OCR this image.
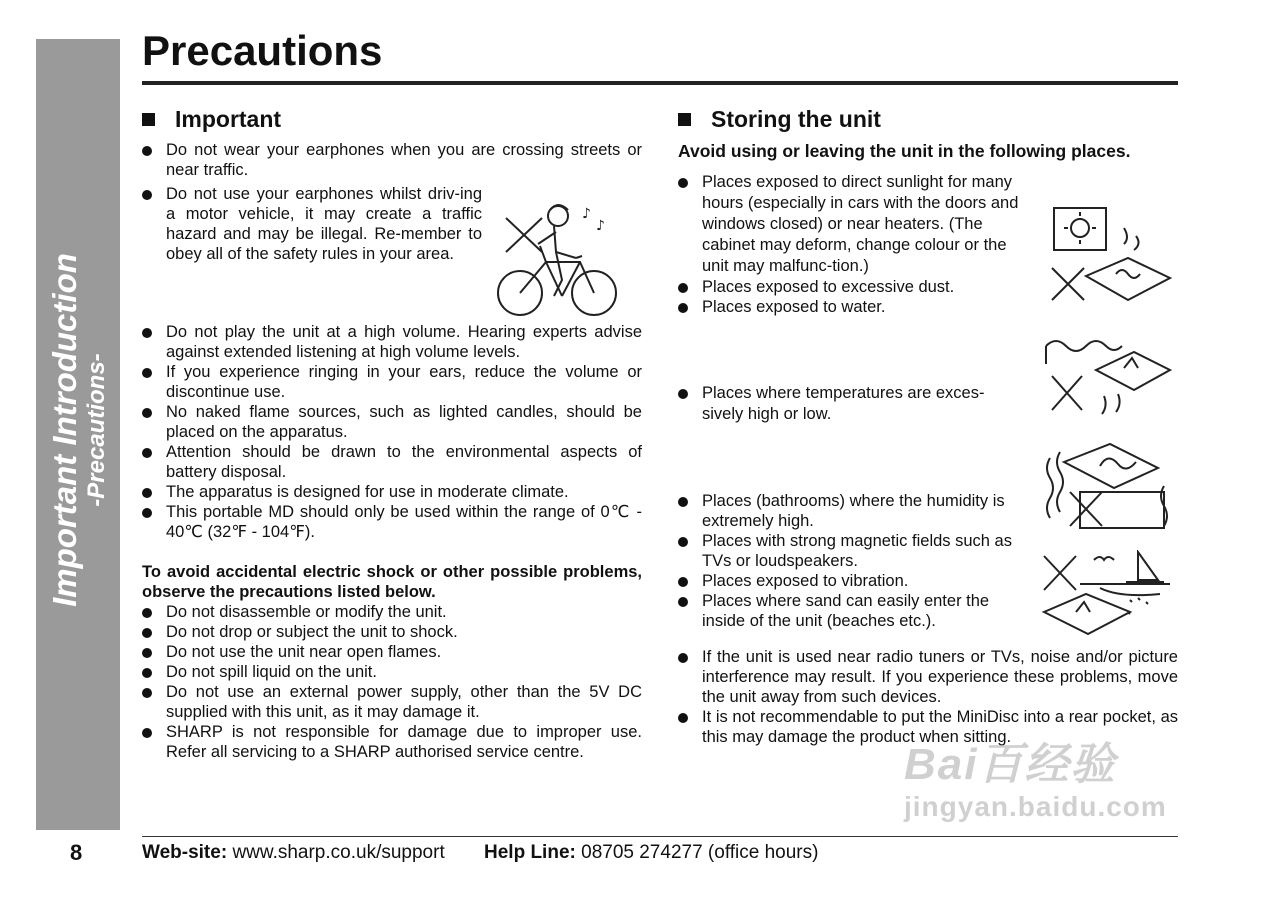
Important Introduction -Precautions-
Precautions
Important
Do not wear your earphones when you are crossing streets or near traffic.
Do not use your earphones whilst driv-ing a motor vehicle, it may create a traffic hazard and may be illegal. Re-member to obey all of the safety rules in your area.
Do not play the unit at a high volume. Hearing experts advise against extended listening at high volume levels.
If you experience ringing in your ears, reduce the volume or discontinue use.
No naked flame sources, such as lighted candles, should be placed on the apparatus.
Attention should be drawn to the environmental aspects of battery disposal.
The apparatus is designed for use in moderate climate.
This portable MD should only be used within the range of 0℃ - 40℃ (32℉ - 104℉).

To avoid accidental electric shock or other possible problems, observe the precautions listed below.

Do not disassemble or modify the unit.
Do not drop or subject the unit to shock.
Do not use the unit near open flames.
Do not spill liquid on the unit.
Do not use an external power supply, other than the 5V DC supplied with this unit, as it may damage it.
SHARP is not responsible for damage due to improper use. Refer all servicing to a SHARP authorised service centre.
♪
♪
Storing the unit

Avoid using or leaving the unit in the following places.

Places exposed to direct sunlight for many hours (especially in cars with the doors and windows closed) or near heaters. (The cabinet may deform, change colour or the unit may malfunc-tion.)
Places exposed to excessive dust.
Places exposed to water.
Places where temperatures are exces-sively high or low.
Places (bathrooms) where the humidity is extremely high.
Places with strong magnetic fields such as TVs or loudspeakers.
Places exposed to vibration.
Places where sand can easily enter the inside of the unit (beaches etc.).
If the unit is used near radio tuners or TVs, noise and/or picture interference may result. If you experience these problems, move the unit away from such devices.
It is not recommendable to put the MiniDisc into a rear pocket, as this may damage the product when sitting.
Bai百经验
jingyan.baidu.com
8	Web-site: www.sharp.co.uk/support Help Line: 08705 274277 (office hours)
